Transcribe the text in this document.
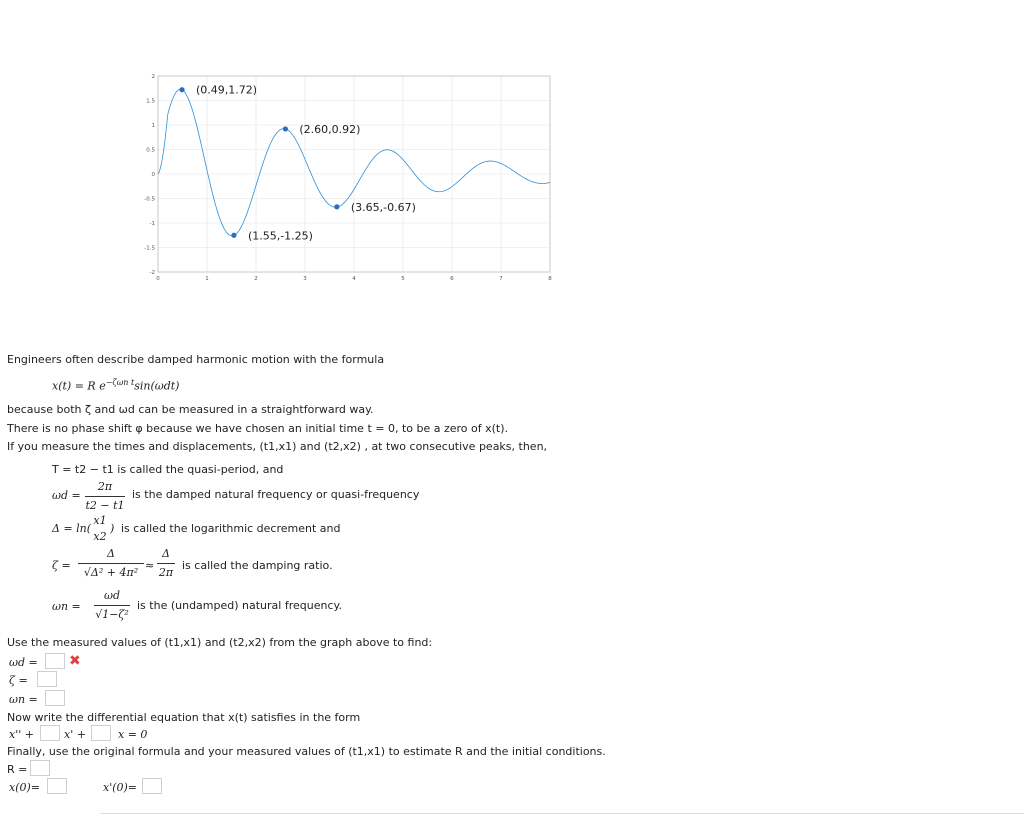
2
1.5
1
0.5
0
-0.5
-1
-1.5
-2
0	1	2	3	4	5	6	7	8
(0.49,1.72)
(1.55,-1.25)
(2.60,0.92)
(3.65,-0.67)
Engineers often describe damped harmonic motion with the formula
x(t) = R $e^{-\zeta\omega n t}\sin(\omega dt)$
because both ζ and ωd can be measured in a straightforward way.
There is no phase shift φ because we have chosen an initial time t = 0, to be a zero of x(t).
If you measure the times and displacements, (t1,x1) and (t2,x2) , at two consecutive peaks, then,
T = t2 − t1 is called the quasi-period, and
ωd =
2π
t2 − t1
is the damped natural frequency or quasi-frequency
Δ = ln(
x1
x2
) is called the logarithmic decrement and
ζ =
Δ
√Δ² + 4π²
≈
Δ
2π
is called the damping ratio.
ωn =
ωd
√1−ζ²
is the (undamped) natural frequency.
Use the measured values of (t1,x1) and (t2,x2) from the graph above to find:
ωd = ✖
ζ =
ωn =
Now write the differential equation that x(t) satisfies in the form
x'' +	x' +	x = 0
Finally, use the original formula and your measured values of (t1,x1) to estimate R and the initial conditions.
R =
x(0)=	x'(0)=
